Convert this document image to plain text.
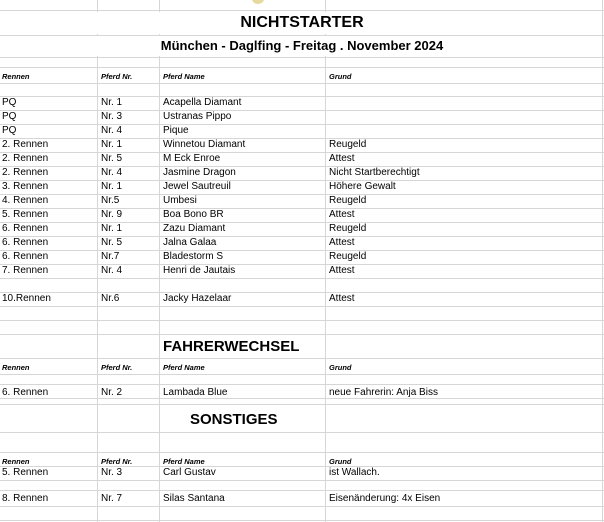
NICHTSTARTER
München - Daglfing - Freitag . November 2024
Rennen	Pferd Nr.	Pferd Name	Grund
PQ	Nr. 1	Acapella Diamant
PQ	Nr. 3	Ustranas Pippo
PQ	Nr. 4	Pique
2. Rennen	Nr. 1	Winnetou Diamant	Reugeld
2. Rennen	Nr. 5	M Eck Enroe	Attest
2. Rennen	Nr. 4	Jasmine Dragon	Nicht Startberechtigt
3. Rennen	Nr. 1	Jewel Sautreuil	Höhere Gewalt
4. Rennen	Nr.5	Umbesi	Reugeld
5. Rennen	Nr. 9	Boa Bono BR	Attest
6. Rennen	Nr. 1	Zazu Diamant	Reugeld
6. Rennen	Nr. 5	Jalna Galaa	Attest
6. Rennen	Nr.7	Bladestorm S	Reugeld
7. Rennen	Nr. 4	Henri de Jautais	Attest
10.Rennen	Nr.6	Jacky Hazelaar	Attest
FAHRERWECHSEL
Rennen	Pferd Nr.	Pferd Name	Grund
6. Rennen	Nr. 2	Lambada Blue	neue Fahrerin: Anja Biss
SONSTIGES
Rennen	Pferd Nr.	Pferd Name	Grund
5. Rennen	Nr. 3	Carl Gustav	ist Wallach.
8. Rennen	Nr. 7	Silas Santana	Eisenänderung: 4x Eisen
